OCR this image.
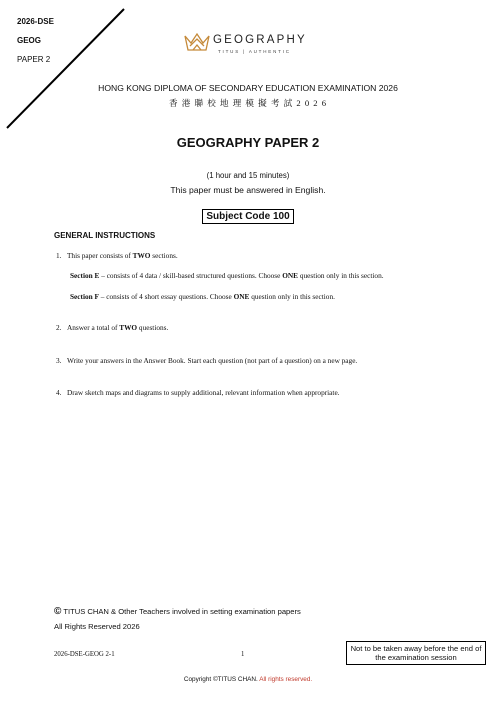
2026-DSE
GEOG
PAPER 2
GEOGRAPHY
TITUS | AUTHENTIC
HONG KONG DIPLOMA OF SECONDARY EDUCATION EXAMINATION 2026
香 港 聯 校 地 理 模 擬 考 試 2 0 2 6
GEOGRAPHY PAPER 2
(1 hour and 15 minutes)
This paper must be answered in English.
Subject Code 100
GENERAL INSTRUCTIONS
1. This paper consists of TWO sections.
Section E – consists of 4 data / skill-based structured questions. Choose ONE question only in this section.
Section F – consists of 4 short essay questions. Choose ONE question only in this section.
2. Answer a total of TWO questions.
3. Write your answers in the Answer Book. Start each question (not part of a question) on a new page.
4. Draw sketch maps and diagrams to supply additional, relevant information when appropriate.
© TITUS CHAN & Other Teachers involved in setting examination papers
All Rights Reserved 2026
2026-DSE-GEOG 2-1	1
Not to be taken away before the end of the examination session
Copyright ©TITUS CHAN. All rights reserved.
